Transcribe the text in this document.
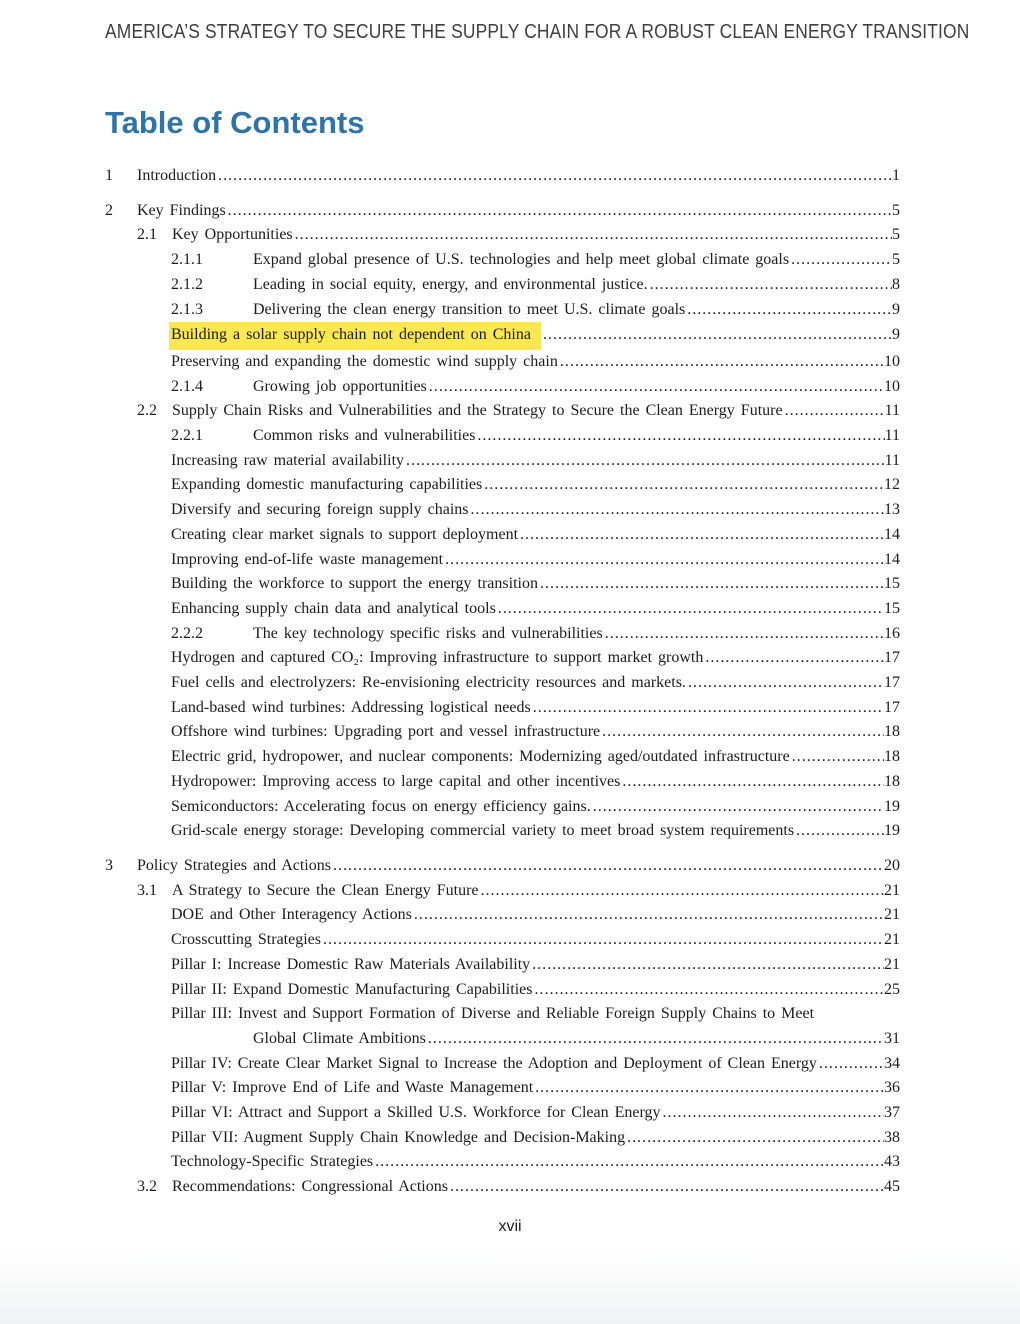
AMERICA’S STRATEGY TO SECURE THE SUPPLY CHAIN FOR A ROBUST CLEAN ENERGY TRANSITION
Table of Contents
1	Introduction .....	1
2	Key Findings .....	5
2.1 Key Opportunities .....	5
2.1.1	Expand global presence of U.S. technologies and help meet global climate goals .....	5
2.1.2	Leading in social equity, energy, and environmental justice. .....	8
2.1.3	Delivering the clean energy transition to meet U.S. climate goals .....	9
Building a solar supply chain not dependent on China .....	9
Preserving and expanding the domestic wind supply chain .....	10
2.1.4	Growing job opportunities .....	10
2.2 Supply Chain Risks and Vulnerabilities and the Strategy to Secure the Clean Energy Future .....	11
2.2.1	Common risks and vulnerabilities .....	11
Increasing raw material availability .....	11
Expanding domestic manufacturing capabilities .....	12
Diversify and securing foreign supply chains .....	13
Creating clear market signals to support deployment .....	14
Improving end-of-life waste management .....	14
Building the workforce to support the energy transition .....	15
Enhancing supply chain data and analytical tools .....	15
2.2.2	The key technology specific risks and vulnerabilities .....	16
Hydrogen and captured CO₂: Improving infrastructure to support market growth .....	17
Fuel cells and electrolyzers: Re-envisioning electricity resources and markets. .....	17
Land-based wind turbines: Addressing logistical needs .....	17
Offshore wind turbines: Upgrading port and vessel infrastructure .....	18
Electric grid, hydropower, and nuclear components: Modernizing aged/outdated infrastructure .....	18
Hydropower: Improving access to large capital and other incentives .....	18
Semiconductors: Accelerating focus on energy efficiency gains. .....	19
Grid-scale energy storage: Developing commercial variety to meet broad system requirements .....	19
3	Policy Strategies and Actions .....	20
3.1 A Strategy to Secure the Clean Energy Future .....	21
DOE and Other Interagency Actions .....	21
Crosscutting Strategies .....	21
Pillar I: Increase Domestic Raw Materials Availability .....	21
Pillar II: Expand Domestic Manufacturing Capabilities .....	25
Pillar III: Invest and Support Formation of Diverse and Reliable Foreign Supply Chains to Meet
Global Climate Ambitions .....	31
Pillar IV: Create Clear Market Signal to Increase the Adoption and Deployment of Clean Energy .....	34
Pillar V: Improve End of Life and Waste Management .....	36
Pillar VI: Attract and Support a Skilled U.S. Workforce for Clean Energy .....	37
Pillar VII: Augment Supply Chain Knowledge and Decision-Making .....	38
Technology-Specific Strategies .....	43
3.2 Recommendations: Congressional Actions .....	45
xvii
